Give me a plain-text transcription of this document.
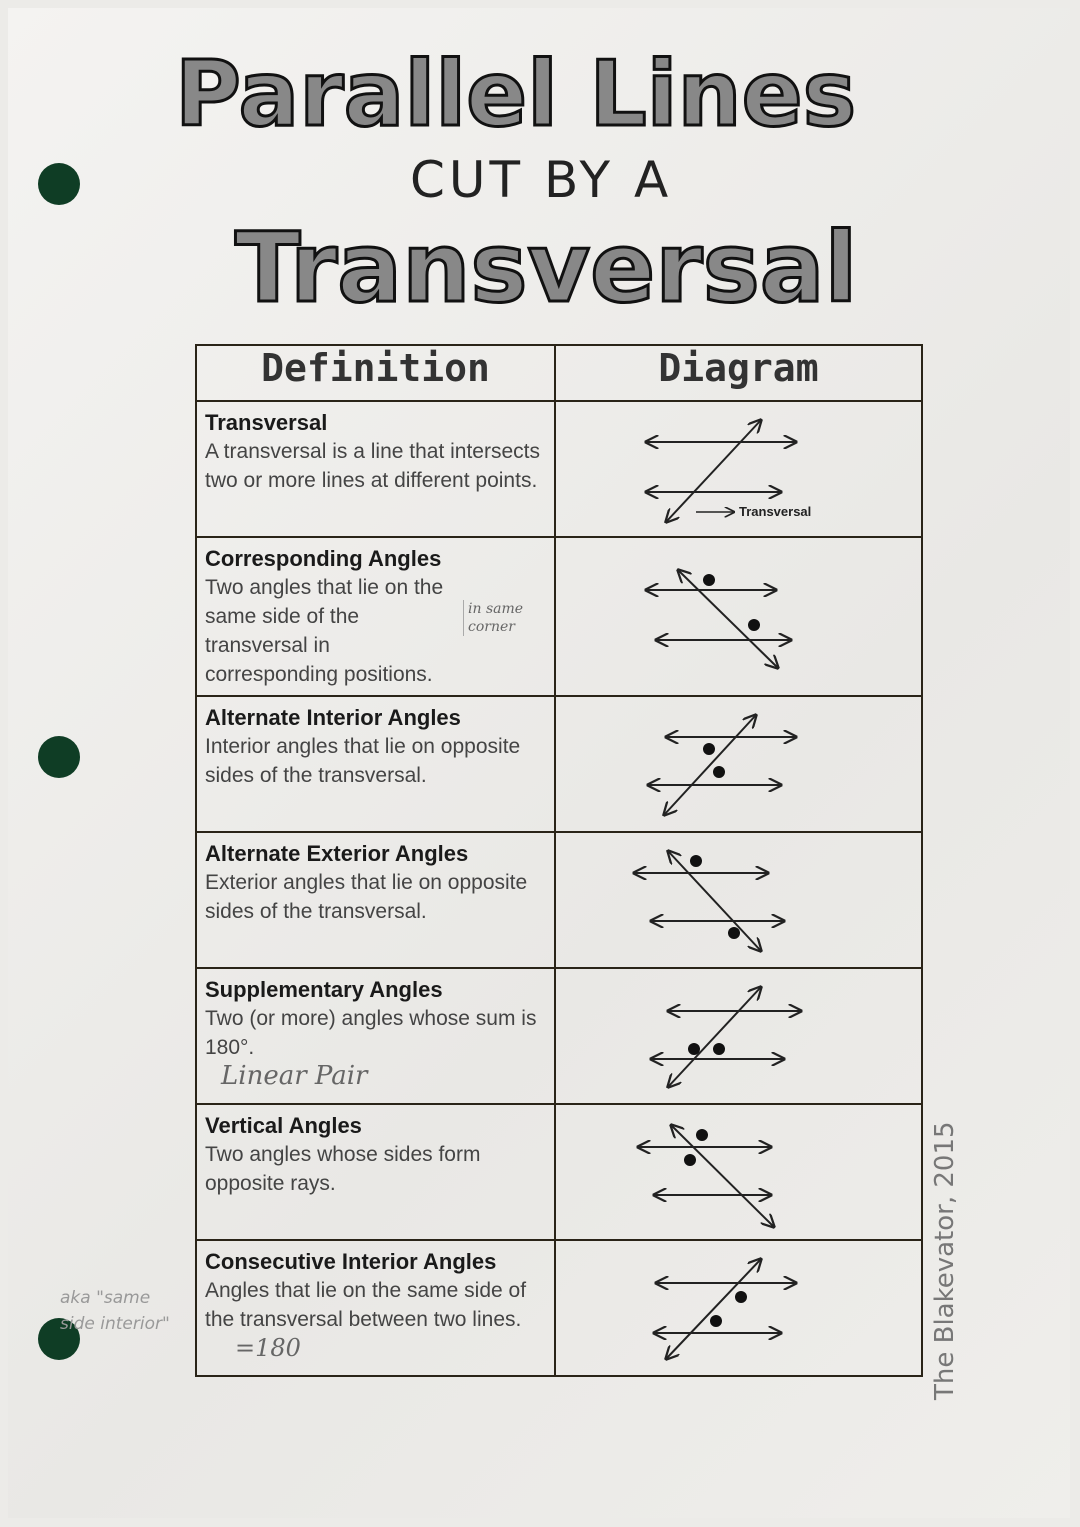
Parallel Lines
CUT BY A
Transversal
Definition	Diagram

Transversal
A transversal is a line that intersects two or more lines at different points.	Transversal

Corresponding Angles
Two angles that lie on the same side of the transversal in corresponding positions.
in same corner

Alternate Interior Angles
Interior angles that lie on opposite sides of the transversal.	

Alternate Exterior Angles
Exterior angles that lie on opposite sides of the transversal.	

Supplementary Angles
Two (or more) angles whose sum is 180°.
Linear Pair	

Vertical Angles
Two angles whose sides form opposite rays.	

Consecutive Interior Angles
Angles that lie on the same side of the transversal between two lines. =180	
aka "same side interior"	The Blakevator, 2015
